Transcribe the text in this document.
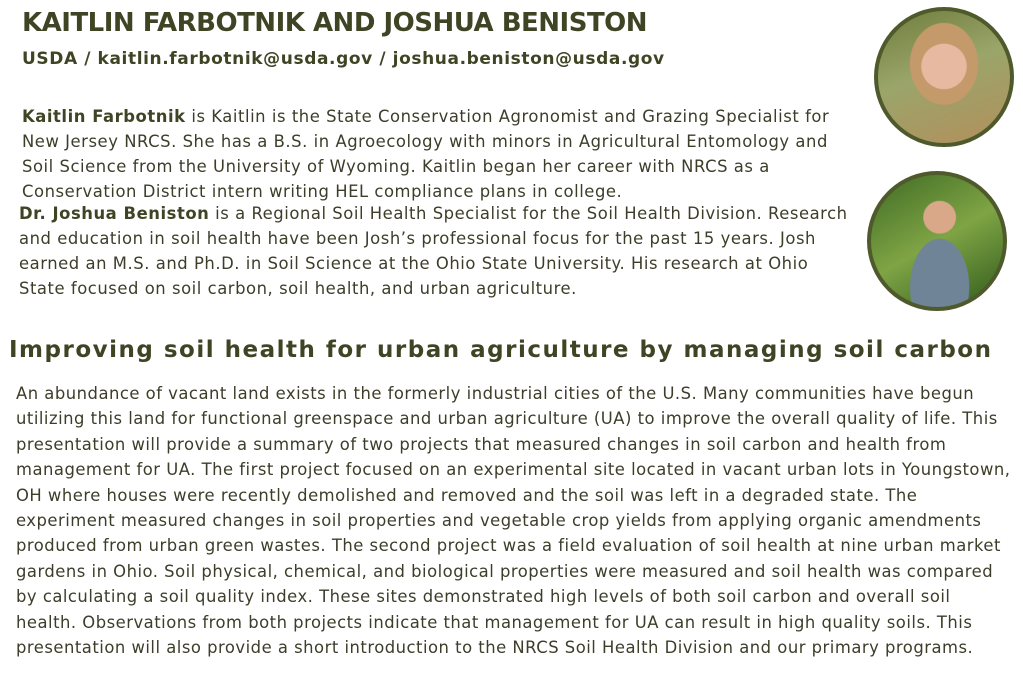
KAITLIN FARBOTNIK AND JOSHUA BENISTON
USDA / kaitlin.farbotnik@usda.gov / joshua.beniston@usda.gov
Kaitlin Farbotnik is Kaitlin is the State Conservation Agronomist and Grazing Specialist for New Jersey NRCS. She has a B.S. in Agroecology with minors in Agricultural Entomology and Soil Science from the University of Wyoming. Kaitlin began her career with NRCS as a Conservation District intern writing HEL compliance plans in college.
Dr. Joshua Beniston is a Regional Soil Health Specialist for the Soil Health Division. Research and education in soil health have been Josh’s professional focus for the past 15 years. Josh earned an M.S. and Ph.D. in Soil Science at the Ohio State University. His research at Ohio State focused on soil carbon, soil health, and urban agriculture.
Improving soil health for urban agriculture by managing soil carbon
An abundance of vacant land exists in the formerly industrial cities of the U.S. Many communities have begun utilizing this land for functional greenspace and urban agriculture (UA) to improve the overall quality of life. This presentation will provide a summary of two projects that measured changes in soil carbon and health from management for UA. The first project focused on an experimental site located in vacant urban lots in Youngstown, OH where houses were recently demolished and removed and the soil was left in a degraded state. The experiment measured changes in soil properties and vegetable crop yields from applying organic amendments produced from urban green wastes. The second project was a field evaluation of soil health at nine urban market gardens in Ohio. Soil physical, chemical, and biological properties were measured and soil health was compared by calculating a soil quality index. These sites demonstrated high levels of both soil carbon and overall soil health. Observations from both projects indicate that management for UA can result in high quality soils. This presentation will also provide a short introduction to the NRCS Soil Health Division and our primary programs.
